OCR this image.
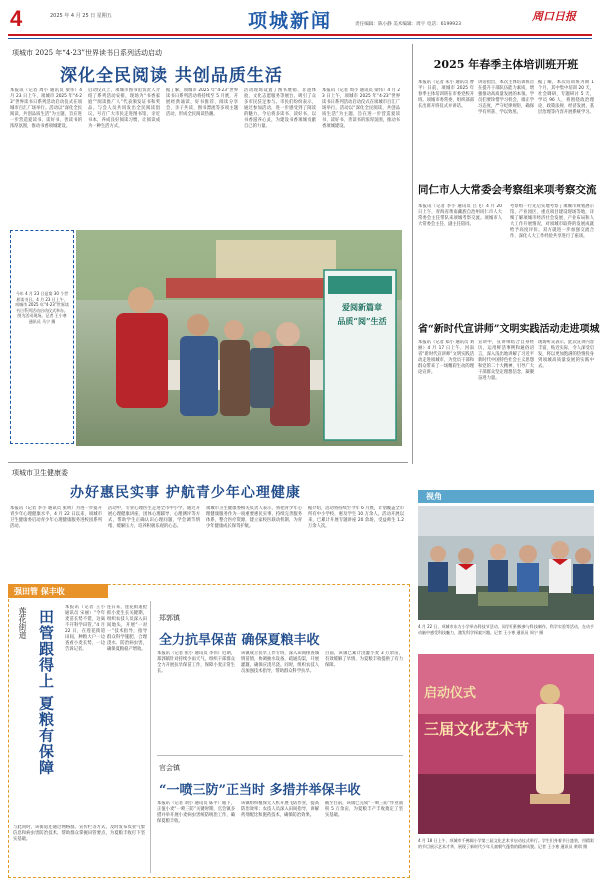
4	2025 年 4 月 25 日 星期五	项城新闻	责任编辑：陈小静 美术编辑：周宇 电话：6199923
周口日报
项城市 2025 年“4·23”世界读书日系列活动启动
深化全民阅读 共创品质生活
本报讯（记者 周小 通讯员 梁伟）4 月 23 日上午，项城市 2025 年“4·23”世界读书日系列活动启动仪式在项城市百汇广场举行。活动以“深化全民阅读，共创品质生活”为主题，旨在进一步营造爱读书、读好书、善读书的浓厚氛围，推动书香项城建设。
启动仪式上，项城市图书馆负责人介绍了系列活动安排，现场为“书香家庭”“阅读推广人”代表颁发证书和奖品。与会人员共同发出全民阅读倡议，号召广大市民走进图书馆，亲近书本，养成良好阅读习惯，让阅读成为一种生活方式。
据了解，项城市 2025 年“4·23”世界读书日系列活动将持续至 5 月底，开展经典诵读、好书推荐、阅读分享会、亲子共读、图书漂流等多项主题活动，形成全民阅读热潮。
活动现场设置了图书展销、非遗体验、文化志愿服务等展台，吸引了众多市民驻足参与。市民们纷纷表示，通过参加活动，进一步感受到了阅读的魅力，今后将多读书、读好书，以书香滋养心灵，为建设书香项城贡献自己的力量。
本报讯（记者 周小 通讯员 梁伟）4 月 23 日上午，项城市 2025 年“4·23”世界读书日系列活动启动仪式在项城市百汇广场举行。活动以“深化全民阅读，共创品质生活”为主题，旨在进一步营造爱读书、读好书、善读书的浓厚氛围，推动书香项城建设。
今年 4 月 23 日是第 30 个世界读书日。4 月 23 日上午，项城市 2025 年“4·23”世界读书日系列活动启动仪式举办。图为活动现场。记者 王小寒 通讯员 马宁 摄
爱阅新篇章
品质“阅”生活
2025 年春季主体培训班开班
本报讯（记者 朱小 通讯员 曹平）日前，项城市 2025 年春季主体培训班在市委党校开班。项城市委常委、组织部部长出席开班仪式并讲话。
讲话指出，本次主体培训班旨在提升干部队伍能力素质，增强推动高质量发展的本领。学员们要珍惜学习机会，端正学习态度，严守纪律规矩，确保学有所获、学以致用。
据了解，本次培训班为期 1 个月，其中集中培训 20 天，社会调研、专题研讨 5 天，学员 96 人，将围绕政治理论、政策法规、经济发展、基层治理等内容开展系统学习。
同仁市人大常委会考察组来项考察交流
本报讯（记者 李小 通讯员 吕飞）4 月 20 日上午，青海省黄南藏族自治州同仁市人大常委会主任带队来项城考察交流。项城市人大常委会主任、副主任陪同。
考察组一行先后实地考察了项城市规划展示馆、产业园区、重点项目建设现场等地，详细了解项城市经济社会发展、产业布局和人大工作开展情况，对项城市取得的发展成就给予高度评价。双方就进一步加强交流合作、深化人大工作经验共享进行了座谈。
省“新时代宣讲师”文明实践活动走进项城
本报讯（记者 郑小 通讯员 刘丽）4 月 17 日上午，河南省“新时代宣讲师”文明实践活动走进项城市，为党员干部和群众带来了一场精彩生动的理论宣讲。
宣讲中，宣讲师结合自身经历，运用鲜活事例和通俗语言，深入浅出地讲解了习近平新时代中国特色社会主义思想和党的二十大精神，引导广大干部群众坚定理想信念，凝聚奋进力量。
现场听众表示，此次宣讲内容丰富、贴近实际，令人深受启发，将以更加饱满的热情投身到项城高质量发展的实践中去。
项城市卫生健康委
办好惠民实事 护航青少年心理健康
本报讯（记者 李小 通讯员 张明）为进一步提升青少年心理健康水平，4 月 22 日以来，项城市卫生健康委启动青少年心理健康服务进校园系列活动。
活动中，专业心理医生走进全市中小学，通过开展心理健康讲座、团体心理辅导、心理测评等方式，帮助学生正确认识心理问题，学会调节情绪、缓解压力，培养积极乐观的心态。
项城市卫生健康委相关负责人表示，将把青少年心理健康服务作为一项重要惠民实事，持续完善服务体系，整合医疗资源，建立家校医联动机制，为青少年健康成长保驾护航。
据介绍，活动将持续至今年 6 月底，计划覆盖全市所有中小学校，惠及学生 10 万余人。活动开展以来，已累计开展专题讲座 20 余场，受益师生 1.2 万余人次。
强田管 保丰收
莲花街道 田管跟得上 夏粮有保障
本报讯（记者 王小 通讯员 宋丽）“今年麦苗长势不错，这离不开科学田管。”4 月 22 日，在莲花街道田间，种粮大户一边查看小麦长势，一边告诉记者。
连日来，莲花街道抢抓小麦生长关键期，组织农技人员深入田间地头，开展“一对一”技术指导，指导群众科学施肥、合理浇水、防治病虫害，确保夏粮稳产增收。
与此同时，该街道还通过网格群、宣传栏等方式，及时发布农业气象信息和病虫害防治技术，帮助群众掌握田管要点，为夏粮丰收打下坚实基础。
郑郭镇
全力抗旱保苗 确保夏粮丰收
本报讯（记者 张小 通讯员 李伟）近期，郑郭镇针对持续少雨天气，组织干部群众全力开展抗旱保苗工作，保障小麦正常生长。
该镇成立抗旱工作专班，深入田间排查墒情苗情，协调抽水设备，疏通沟渠，开展灌溉，确保应浇尽浇。同时，组织农技人员加强技术指导，帮助群众科学抗旱。
目前，该镇已累计浇灌小麦 3 万余亩，有效缓解了旱情，为夏粮丰收提供了有力保障。
官会镇
“一喷三防”正当时 多措并举保丰收
本报讯（记者 刘小 通讯员 陈平）眼下，正值小麦“一喷三防”关键时期，官会镇多措并举开展小麦病虫害统防统治工作，确保夏粮丰收。
该镇组织植保无人机开展飞防作业，提高防治效率；农技人员深入田间指导，讲解药剂配比和施药技术，确保防治效果。
截至目前，该镇已完成“一喷三防”作业面积 5 万余亩，为夏粮丰产丰收奠定了坚实基础。
视角
4 月 22 日，项城市东方小学举办科技节活动，同学们积极参与科技制作、科学实验等活动，在动手动脑中感受科技魅力，激发科学探索兴趣。记者 王小寒 通讯员 周宁 摄
启动仪式
三届文化艺术节
4 月 18 日上午，项城市千佛阁小学第三届文化艺术节启动仪式举行。学生们身着节日盛装，用精彩的节目展示艺术才华，展现了新时代少年儿童朝气蓬勃的精神风貌。记者 王小寒 通讯员 黄琪 摄
